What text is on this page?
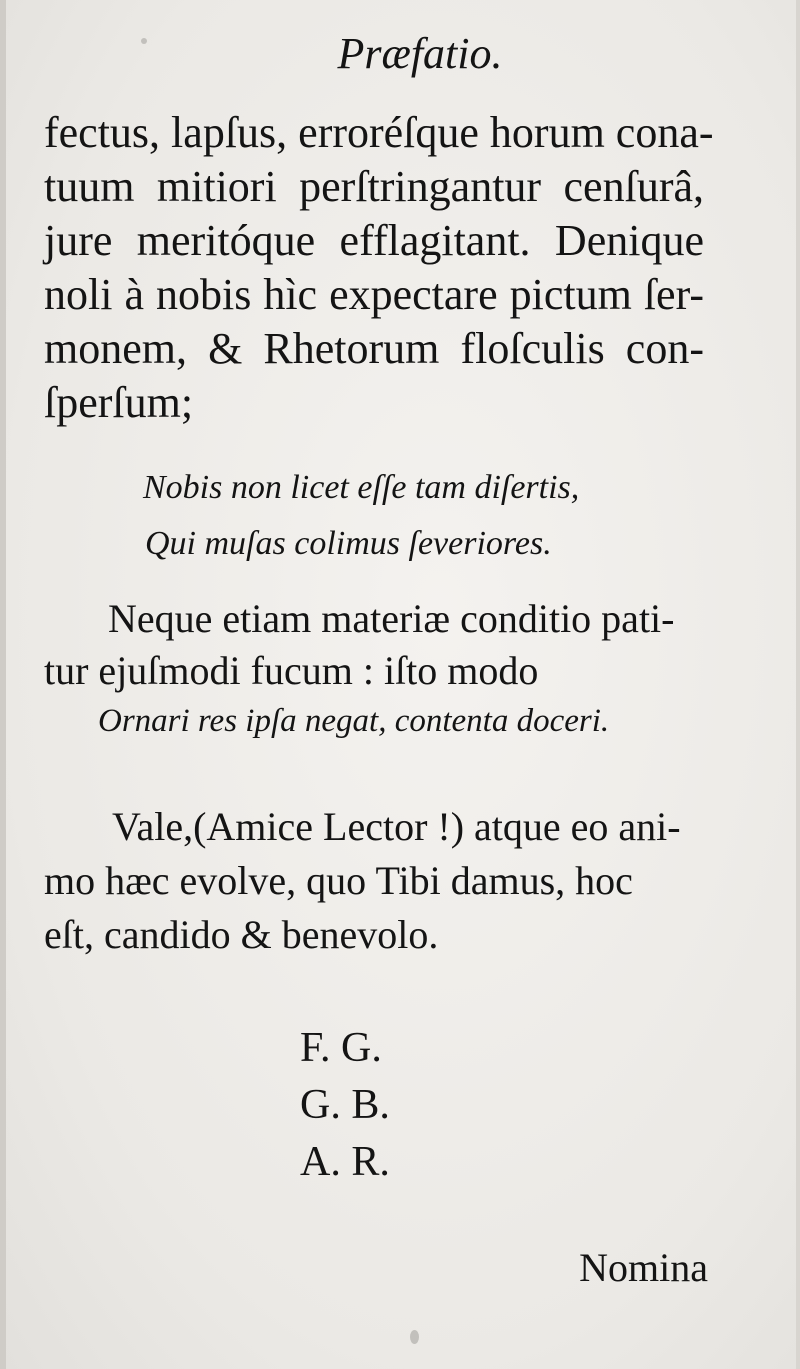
Præfatio.
fectus, lapſus, erroréſque horum cona-
tuum mitiori perſtringantur cenſurâ,
jure meritóque efflagitant. Denique
noli à nobis hìc expectare pictum ſer-
monem, & Rhetorum floſculis con-
ſperſum;
Nobis non licet eſſe tam diſertis,
Qui muſas colimus ſeveriores.
Neque etiam materiæ conditio pati-
tur ejuſmodi fucum : iſto modo
Ornari res ipſa negat, contenta doceri.
Vale,(Amice Lector !) atque eo ani-
mo hæc evolve, quo Tibi damus, hoc
eſt, candido & benevolo.
F. G.
G. B.
A. R.
Nomina
